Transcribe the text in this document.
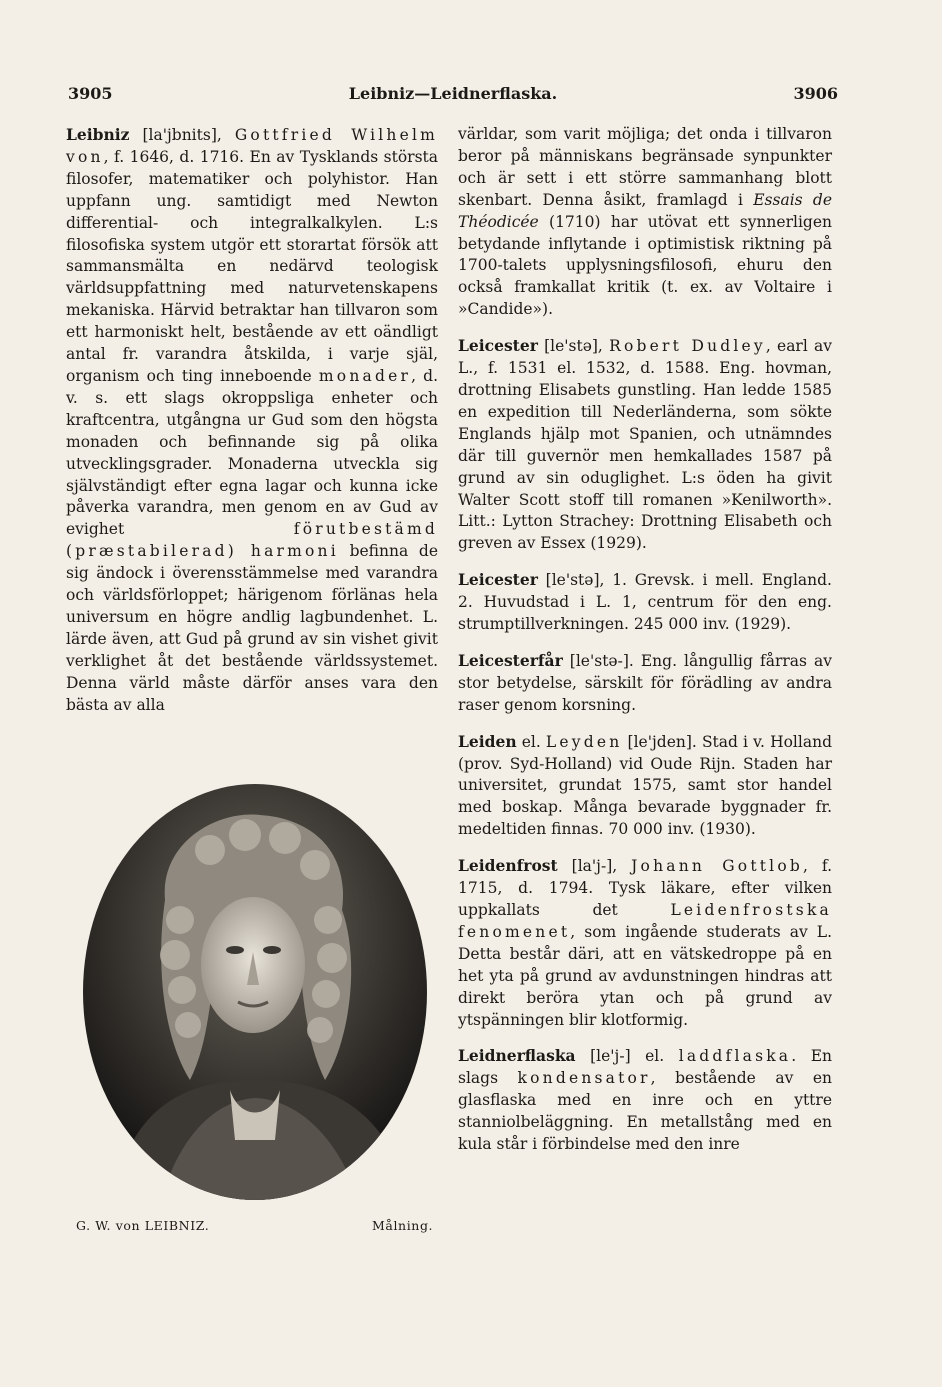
3905	Leibniz—Leidnerflaska.	3906

Leibniz [la'jbnits], Gottfried Wilhelm von, f. 1646, d. 1716. En av Tysklands största filosofer, matematiker och polyhistor. Han uppfann ung. samtidigt med Newton differential- och integralkalkylen. L:s filosofiska system utgör ett storartat försök att sammansmälta en nedärvd teologisk världsuppfattning med naturvetenskapens mekaniska. Härvid betraktar han tillvaron som ett harmoniskt helt, bestående av ett oändligt antal fr. varandra åtskilda, i varje själ, organism och ting inneboende monader, d. v. s. ett slags okroppsliga enheter och kraftcentra, utgångna ur Gud som den högsta monaden och befinnande sig på olika utvecklingsgrader. Monaderna utveckla sig självständigt efter egna lagar och kunna icke påverka varandra, men genom en av Gud av evighet förutbestämd (præstabilerad) harmoni befinna de sig ändock i överensstämmelse med varandra och världsförloppet; härigenom förlänas hela universum en högre andlig lagbundenhet. L. lärde även, att Gud på grund av sin vishet givit verklighet åt det bestående världssystemet. Denna värld måste därför anses vara den bästa av alla

G. W. von LEIBNIZ.	Målning.

världar, som varit möjliga; det onda i tillvaron beror på människans begränsade synpunkter och är sett i ett större sammanhang blott skenbart. Denna åsikt, framlagd i Essais de Théodicée (1710) har utövat ett synnerligen betydande inflytande i optimistisk riktning på 1700-talets upplysningsfilosofi, ehuru den också framkallat kritik (t. ex. av Voltaire i »Candide»).

Leicester [le'stə], Robert Dudley, earl av L., f. 1531 el. 1532, d. 1588. Eng. hovman, drottning Elisabets gunstling. Han ledde 1585 en expedition till Nederländerna, som sökte Englands hjälp mot Spanien, och utnämndes där till guvernör men hemkallades 1587 på grund av sin oduglighet. L:s öden ha givit Walter Scott stoff till romanen »Kenilworth». Litt.: Lytton Strachey: Drottning Elisabeth och greven av Essex (1929).

Leicester [le'stə], 1. Grevsk. i mell. England. 2. Huvudstad i L. 1, centrum för den eng. strumptillverkningen. 245 000 inv. (1929).

Leicesterfår [le'stə-]. Eng. långullig fårras av stor betydelse, särskilt för förädling av andra raser genom korsning.

Leiden el. Leyden [le'jden]. Stad i v. Holland (prov. Syd-Holland) vid Oude Rijn. Staden har universitet, grundat 1575, samt stor handel med boskap. Många bevarade byggnader fr. medeltiden finnas. 70 000 inv. (1930).

Leidenfrost [la'j-], Johann Gottlob, f. 1715, d. 1794. Tysk läkare, efter vilken uppkallats det Leidenfrostska fenomenet, som ingående studerats av L. Detta består däri, att en vätskedroppe på en het yta på grund av avdunstningen hindras att direkt beröra ytan och på grund av ytspänningen blir klotformig.

Leidnerflaska [le'j-] el. laddflaska. En slags kondensator, bestående av en glasflaska med en inre och en yttre stanniolbeläggning. En metallstång med en kula står i förbindelse med den inre
